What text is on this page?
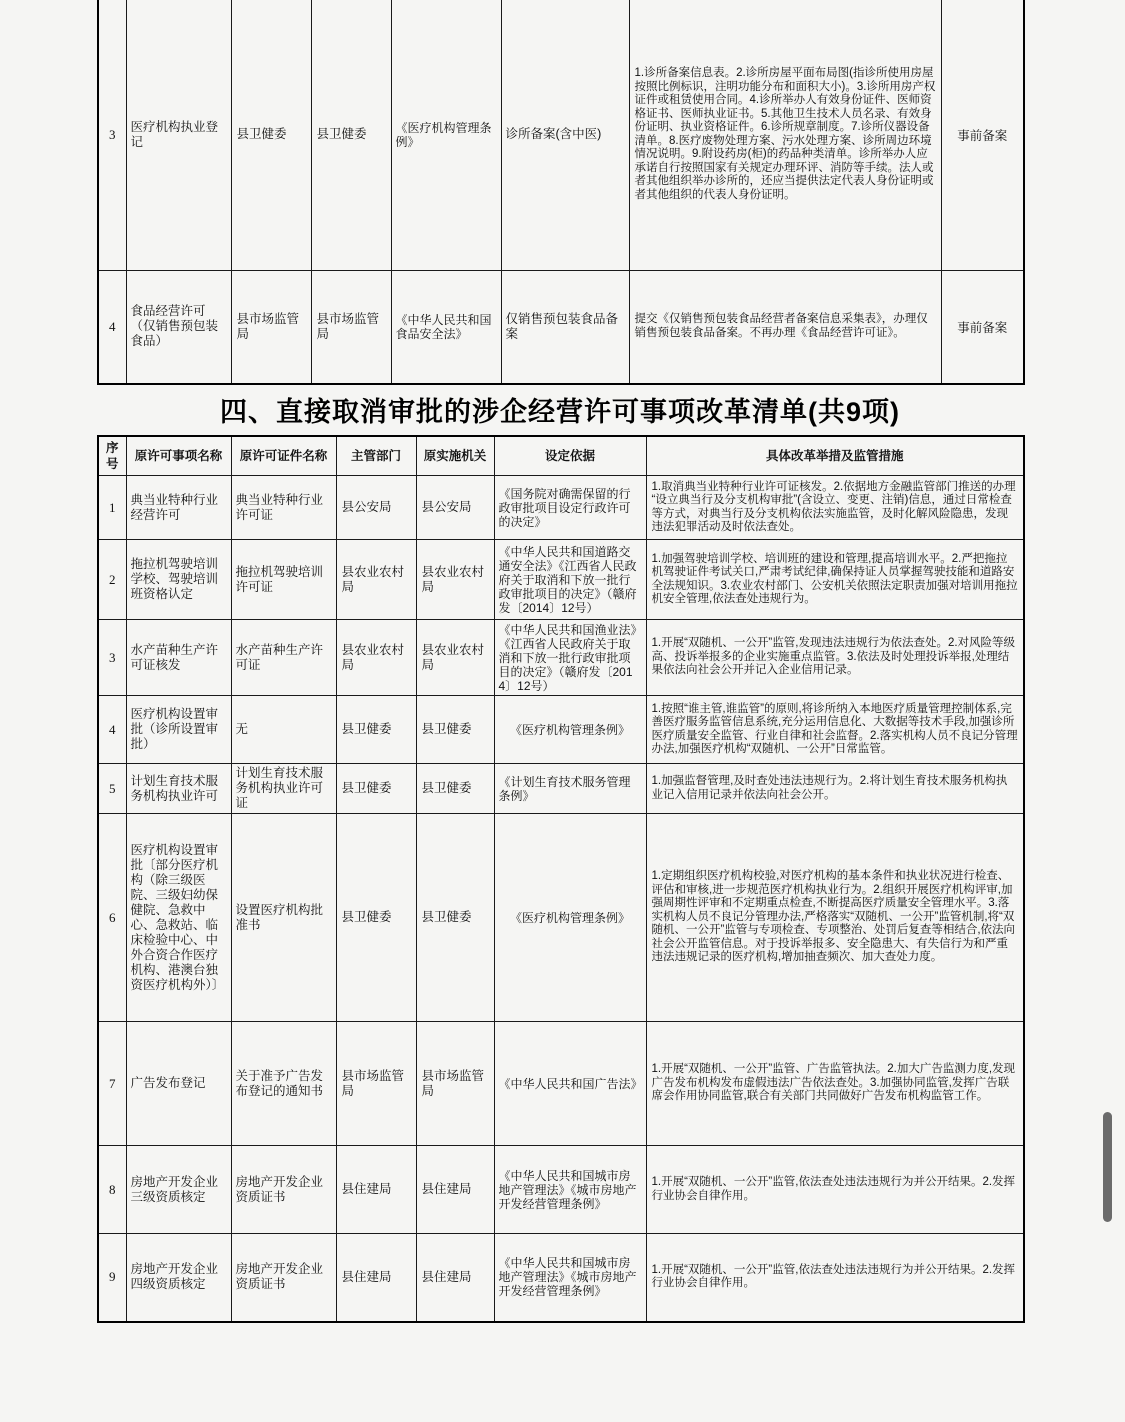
3	医疗机构执业登记	县卫健委	县卫健委	《医疗机构管理条例》	诊所备案(含中医)	1.诊所备案信息表。2.诊所房屋平面布局图(指诊所使用房屋按照比例标识，注明功能分布和面积大小)。3.诊所用房产权证件或租赁使用合同。4.诊所举办人有效身份证件、医师资格证书、医师执业证书。5.其他卫生技术人员名录、有效身份证明、执业资格证件。6.诊所规章制度。7.诊所仪器设备清单。8.医疗废物处理方案、污水处理方案、诊所周边环境情况说明。9.附设药房(柜)的药品种类清单。诊所举办人应承诺自行按照国家有关规定办理环评、消防等手续。法人或者其他组织举办诊所的，还应当提供法定代表人身份证明或者其他组织的代表人身份证明。	事前备案
4	食品经营许可（仅销售预包装食品）	县市场监管局	县市场监管局	《中华人民共和国食品安全法》	仅销售预包装食品备案	提交《仅销售预包装食品经营者备案信息采集表》，办理仅销售预包装食品备案。不再办理《食品经营许可证》。	事前备案
四、直接取消审批的涉企经营许可事项改革清单(共9项)
序号	原许可事项名称	原许可证件名称	主管部门	原实施机关	设定依据	具体改革举措及监管措施
1	典当业特种行业经营许可	典当业特种行业许可证	县公安局	县公安局	《国务院对确需保留的行政审批项目设定行政许可的决定》	1.取消典当业特种行业许可证核发。2.依据地方金融监管部门推送的办理“设立典当行及分支机构审批”(含设立、变更、注销)信息，通过日常检查等方式，对典当行及分支机构依法实施监管，及时化解风险隐患，发现违法犯罪活动及时依法查处。
2	拖拉机驾驶培训学校、驾驶培训班资格认定	拖拉机驾驶培训许可证	县农业农村局	县农业农村局	《中华人民共和国道路交通安全法》《江西省人民政府关于取消和下放一批行政审批项目的决定》（赣府发〔2014〕12号）	1.加强驾驶培训学校、培训班的建设和管理,提高培训水平。2.严把拖拉机驾驶证件考试关口,严肃考试纪律,确保持证人员掌握驾驶技能和道路安全法规知识。3.农业农村部门、公安机关依照法定职责加强对培训用拖拉机安全管理,依法查处违规行为。
3	水产苗种生产许可证核发	水产苗种生产许可证	县农业农村局	县农业农村局	《中华人民共和国渔业法》《江西省人民政府关于取消和下放一批行政审批项目的决定》（赣府发〔2014〕12号）	1.开展“双随机、一公开”监管,发现违法违规行为依法查处。2.对风险等级高、投诉举报多的企业实施重点监管。3.依法及时处理投诉举报,处理结果依法向社会公开并记入企业信用记录。
4	医疗机构设置审批（诊所设置审批）	无	县卫健委	县卫健委	《医疗机构管理条例》	1.按照“谁主管,谁监管”的原则,将诊所纳入本地医疗质量管理控制体系,完善医疗服务监管信息系统,充分运用信息化、大数据等技术手段,加强诊所医疗质量安全监管、行业自律和社会监督。2.落实机构人员不良记分管理办法,加强医疗机构“双随机、一公开”日常监管。
5	计划生育技术服务机构执业许可	计划生育技术服务机构执业许可证	县卫健委	县卫健委	《计划生育技术服务管理条例》	1.加强监督管理,及时查处违法违规行为。2.将计划生育技术服务机构执业记入信用记录并依法向社会公开。
6	医疗机构设置审批〔部分医疗机构（除三级医院、三级妇幼保健院、急救中心、急救站、临床检验中心、中外合资合作医疗机构、港澳台独资医疗机构外）〕	设置医疗机构批准书	县卫健委	县卫健委	《医疗机构管理条例》	1.定期组织医疗机构校验,对医疗机构的基本条件和执业状况进行检查、评估和审核,进一步规范医疗机构执业行为。2.组织开展医疗机构评审,加强周期性评审和不定期重点检查,不断提高医疗质量安全管理水平。3.落实机构人员不良记分管理办法,严格落实“双随机、一公开”监管机制,将“双随机、一公开”监管与专项检查、专项整治、处罚后复查等相结合,依法向社会公开监管信息。对于投诉举报多、安全隐患大、有失信行为和严重违法违规记录的医疗机构,增加抽查频次、加大查处力度。
7	广告发布登记	关于准予广告发布登记的通知书	县市场监管局	县市场监管局	《中华人民共和国广告法》	1.开展“双随机、一公开”监管、广告监管执法。2.加大广告监测力度,发现广告发布机构发布虚假违法广告依法查处。3.加强协同监管,发挥广告联席会作用协同监管,联合有关部门共同做好广告发布机构监管工作。
8	房地产开发企业三级资质核定	房地产开发企业资质证书	县住建局	县住建局	《中华人民共和国城市房地产管理法》《城市房地产开发经营管理条例》	1.开展“双随机、一公开”监管,依法查处违法违规行为并公开结果。2.发挥行业协会自律作用。
9	房地产开发企业四级资质核定	房地产开发企业资质证书	县住建局	县住建局	《中华人民共和国城市房地产管理法》《城市房地产开发经营管理条例》	1.开展“双随机、一公开”监管,依法查处违法违规行为并公开结果。2.发挥行业协会自律作用。
